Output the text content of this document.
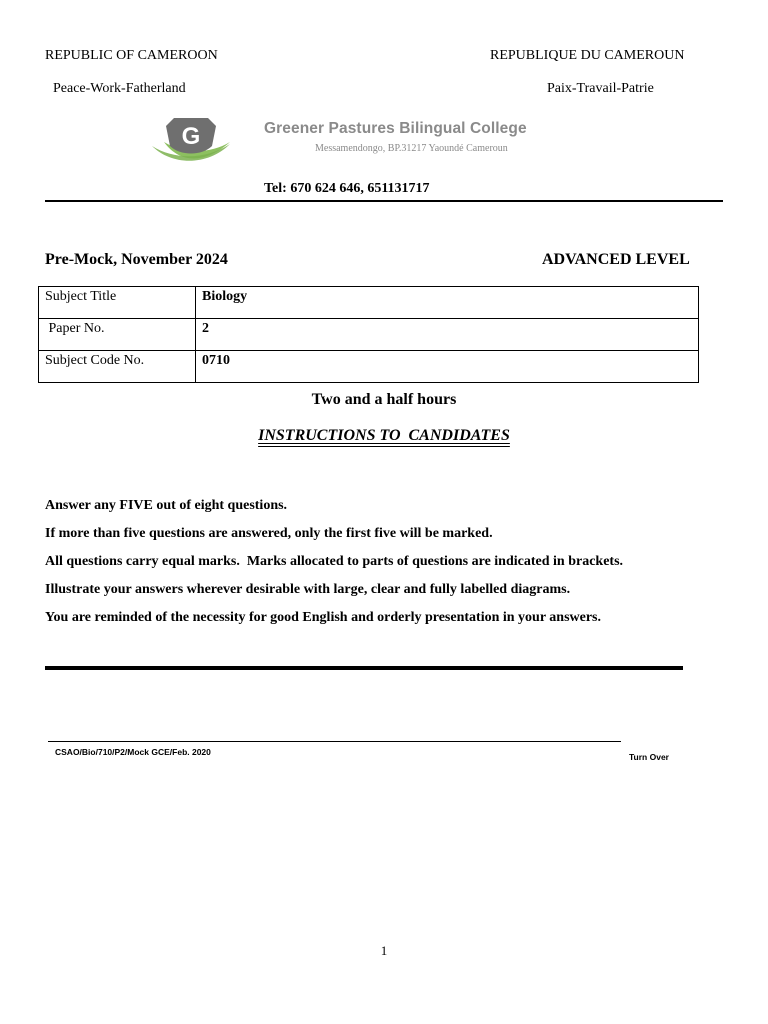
REPUBLIC OF CAMEROON
Peace-Work-Fatherland
REPUBLIQUE DU CAMEROUN
Paix-Travail-Patrie
G	Greener Pastures Bilingual College
Messamendongo, BP.31217 Yaoundé Cameroun
Tel: 670 624 646, 651131717
Pre-Mock, November 2024	ADVANCED LEVEL
Subject Title	Biology
Paper No.	2
Subject Code No.	0710
Two and a half hours
INSTRUCTIONS TO  CANDIDATES
Answer any FIVE out of eight questions.
If more than five questions are answered, only the first five will be marked.
All questions carry equal marks.  Marks allocated to parts of questions are indicated in brackets.
Illustrate your answers wherever desirable with large, clear and fully labelled diagrams.
You are reminded of the necessity for good English and orderly presentation in your answers.
CSAO/Bio/710/P2/Mock GCE/Feb. 2020	Turn Over
1
